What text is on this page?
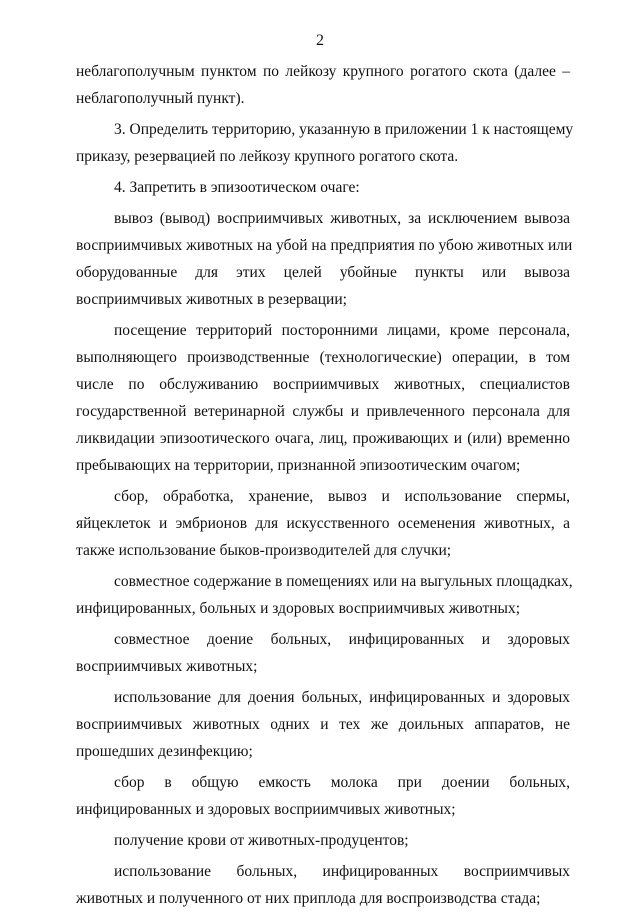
2
неблагополучным пунктом по лейкозу крупного рогатого скота (далее –
неблагополучный пункт).
3. Определить территорию, указанную в приложении 1 к настоящему
приказу, резервацией по лейкозу крупного рогатого скота.
4. Запретить в эпизоотическом очаге:
вывоз (вывод) восприимчивых животных, за исключением вывоза
восприимчивых животных на убой на предприятия по убою животных или
оборудованные для этих целей убойные пункты или вывоза
восприимчивых животных в резервации;
посещение территорий посторонними лицами, кроме персонала,
выполняющего производственные (технологические) операции, в том
числе по обслуживанию восприимчивых животных, специалистов
государственной ветеринарной службы и привлеченного персонала для
ликвидации эпизоотического очага, лиц, проживающих и (или) временно
пребывающих на территории, признанной эпизоотическим очагом;
сбор, обработка, хранение, вывоз и использование спермы,
яйцеклеток и эмбрионов для искусственного осеменения животных, а
также использование быков-производителей для случки;
совместное содержание в помещениях или на выгульных площадках,
инфицированных, больных и здоровых восприимчивых животных;
совместное доение больных, инфицированных и здоровых
восприимчивых животных;
использование для доения больных, инфицированных и здоровых
восприимчивых животных одних и тех же доильных аппаратов, не
прошедших дезинфекцию;
сбор в общую емкость молока при доении больных,
инфицированных и здоровых восприимчивых животных;
получение крови от животных-продуцентов;
использование больных, инфицированных восприимчивых
животных и полученного от них приплода для воспроизводства стада;
